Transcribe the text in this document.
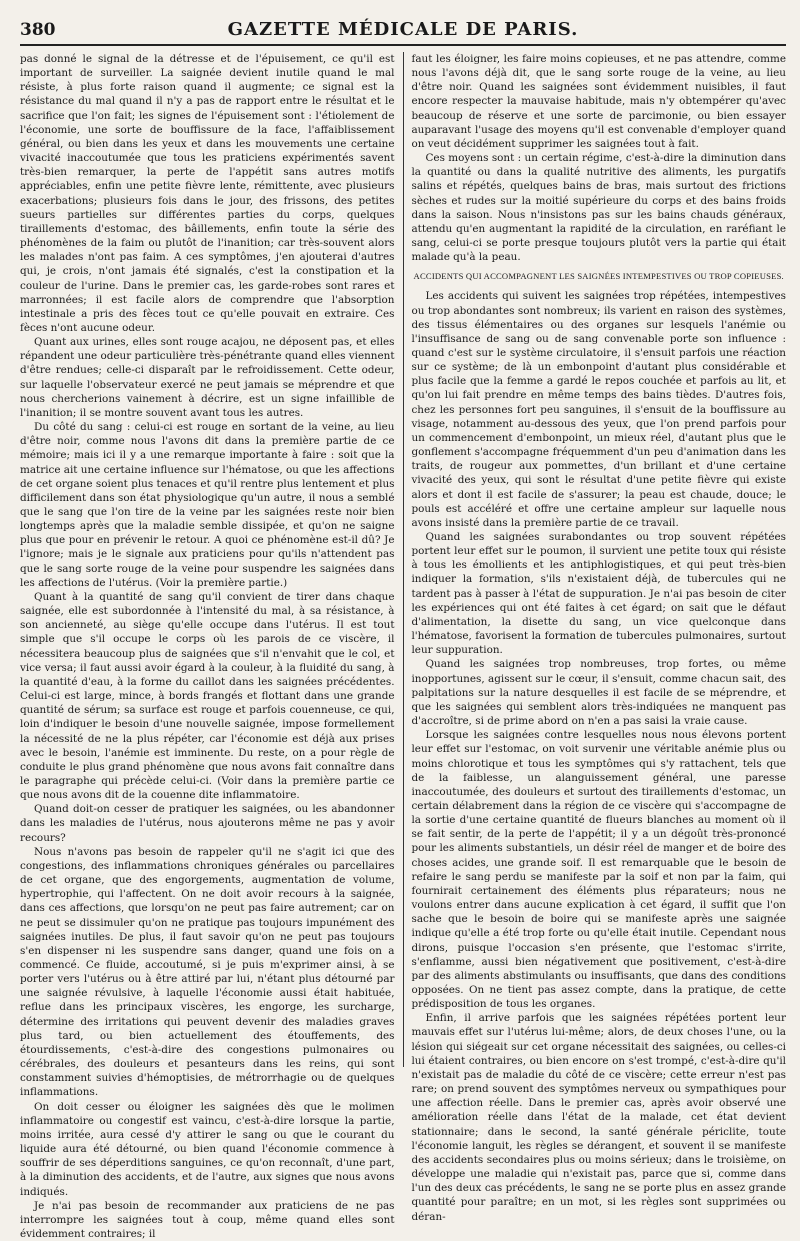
380	GAZETTE MÉDICALE DE PARIS.

pas donné le signal de la détresse et de l'épuisement, ce qu'il est important de surveiller. La saignée devient inutile quand le mal résiste, à plus forte raison quand il augmente; ce signal est la résistance du mal quand il n'y a pas de rapport entre le résultat et le sacrifice que l'on fait; les signes de l'épuisement sont : l'étiolement de l'économie, une sorte de bouffissure de la face, l'affaiblissement général, ou bien dans les yeux et dans les mouvements une certaine vivacité inaccoutumée que tous les praticiens expérimentés savent très-bien remarquer, la perte de l'appétit sans autres motifs appréciables, enfin une petite fièvre lente, rémittente, avec plusieurs exacerbations; plusieurs fois dans le jour, des frissons, des petites sueurs partielles sur différentes parties du corps, quelques tiraillements d'estomac, des bâillements, enfin toute la série des phénomènes de la faim ou plutôt de l'inanition; car très-souvent alors les malades n'ont pas faim. A ces symptômes, j'en ajouterai d'autres qui, je crois, n'ont jamais été signalés, c'est la constipation et la couleur de l'urine. Dans le premier cas, les garde-robes sont rares et marronnées; il est facile alors de comprendre que l'absorption intestinale a pris des fèces tout ce qu'elle pouvait en extraire. Ces fèces n'ont aucune odeur.

Quant aux urines, elles sont rouge acajou, ne déposent pas, et elles répandent une odeur particulière très-pénétrante quand elles viennent d'être rendues; celle-ci disparaît par le refroidissement. Cette odeur, sur laquelle l'observateur exercé ne peut jamais se méprendre et que nous chercherions vainement à décrire, est un signe infaillible de l'inanition; il se montre souvent avant tous les autres.

Du côté du sang : celui-ci est rouge en sortant de la veine, au lieu d'être noir, comme nous l'avons dit dans la première partie de ce mémoire; mais ici il y a une remarque importante à faire : soit que la matrice ait une certaine influence sur l'hématose, ou que les affections de cet organe soient plus tenaces et qu'il rentre plus lentement et plus difficilement dans son état physiologique qu'un autre, il nous a semblé que le sang que l'on tire de la veine par les saignées reste noir bien longtemps après que la maladie semble dissipée, et qu'on ne saigne plus que pour en prévenir le retour. A quoi ce phénomène est-il dû? Je l'ignore; mais je le signale aux praticiens pour qu'ils n'attendent pas que le sang sorte rouge de la veine pour suspendre les saignées dans les affections de l'utérus. (Voir la première partie.)

Quant à la quantité de sang qu'il convient de tirer dans chaque saignée, elle est subordonnée à l'intensité du mal, à sa résistance, à son ancienneté, au siège qu'elle occupe dans l'utérus. Il est tout simple que s'il occupe le corps où les parois de ce viscère, il nécessitera beaucoup plus de saignées que s'il n'envahit que le col, et vice versa; il faut aussi avoir égard à la couleur, à la fluidité du sang, à la quantité d'eau, à la forme du caillot dans les saignées précédentes. Celui-ci est large, mince, à bords frangés et flottant dans une grande quantité de sérum; sa surface est rouge et parfois couenneuse, ce qui, loin d'indiquer le besoin d'une nouvelle saignée, impose formellement la nécessité de ne la plus répéter, car l'économie est déjà aux prises avec le besoin, l'anémie est imminente. Du reste, on a pour règle de conduite le plus grand phénomène que nous avons fait connaître dans le paragraphe qui précède celui-ci. (Voir dans la première partie ce que nous avons dit de la couenne dite inflammatoire.

Quand doit-on cesser de pratiquer les saignées, ou les abandonner dans les maladies de l'utérus, nous ajouterons même ne pas y avoir recours?

Nous n'avons pas besoin de rappeler qu'il ne s'agit ici que des congestions, des inflammations chroniques générales ou parcellaires de cet organe, que des engorgements, augmentation de volume, hypertrophie, qui l'affectent. On ne doit avoir recours à la saignée, dans ces affections, que lorsqu'on ne peut pas faire autrement; car on ne peut se dissimuler qu'on ne pratique pas toujours impunément des saignées inutiles. De plus, il faut savoir qu'on ne peut pas toujours s'en dispenser ni les suspendre sans danger, quand une fois on a commencé. Ce fluide, accoutumé, si je puis m'exprimer ainsi, à se porter vers l'utérus ou à être attiré par lui, n'étant plus détourné par une saignée révulsive, à laquelle l'économie aussi était habituée, reflue dans les principaux viscères, les engorge, les surcharge, détermine des irritations qui peuvent devenir des maladies graves plus tard, ou bien actuellement des étouffements, des étourdissements, c'est-à-dire des congestions pulmonaires ou cérébrales, des douleurs et pesanteurs dans les reins, qui sont constamment suivies d'hémoptisies, de métrorrhagie ou de quelques inflammations.

On doit cesser ou éloigner les saignées dès que le molimen inflammatoire ou congestif est vaincu, c'est-à-dire lorsque la partie, moins irritée, aura cessé d'y attirer le sang ou que le courant du liquide aura été détourné, ou bien quand l'économie commence à souffrir de ses déperditions sanguines, ce qu'on reconnaît, d'une part, à la diminution des accidents, et de l'autre, aux signes que nous avons indiqués.

Je n'ai pas besoin de recommander aux praticiens de ne pas interrompre les saignées tout à coup, même quand elles sont évidemment contraires; il

faut les éloigner, les faire moins copieuses, et ne pas attendre, comme nous l'avons déjà dit, que le sang sorte rouge de la veine, au lieu d'être noir. Quand les saignées sont évidemment nuisibles, il faut encore respecter la mauvaise habitude, mais n'y obtempérer qu'avec beaucoup de réserve et une sorte de parcimonie, ou bien essayer auparavant l'usage des moyens qu'il est convenable d'employer quand on veut décidément supprimer les saignées tout à fait.

Ces moyens sont : un certain régime, c'est-à-dire la diminution dans la quantité ou dans la qualité nutritive des aliments, les purgatifs salins et répétés, quelques bains de bras, mais surtout des frictions sèches et rudes sur la moitié supérieure du corps et des bains froids dans la saison. Nous n'insistons pas sur les bains chauds généraux, attendu qu'en augmentant la rapidité de la circulation, en raréfiant le sang, celui-ci se porte presque toujours plutôt vers la partie qui était malade qu'à la peau.

ACCIDENTS QUI ACCOMPAGNENT LES SAIGNÉES INTEMPESTIVES OU TROP COPIEUSES.

Les accidents qui suivent les saignées trop répétées, intempestives ou trop abondantes sont nombreux; ils varient en raison des systèmes, des tissus élémentaires ou des organes sur lesquels l'anémie ou l'insuffisance de sang ou de sang convenable porte son influence : quand c'est sur le système circulatoire, il s'ensuit parfois une réaction sur ce système; de là un embonpoint d'autant plus considérable et plus facile que la femme a gardé le repos couchée et parfois au lit, et qu'on lui fait prendre en même temps des bains tièdes. D'autres fois, chez les personnes fort peu sanguines, il s'ensuit de la bouffissure au visage, notamment au-dessous des yeux, que l'on prend parfois pour un commencement d'embonpoint, un mieux réel, d'autant plus que le gonflement s'accompagne fréquemment d'un peu d'animation dans les traits, de rougeur aux pommettes, d'un brillant et d'une certaine vivacité des yeux, qui sont le résultat d'une petite fièvre qui existe alors et dont il est facile de s'assurer; la peau est chaude, douce; le pouls est accéléré et offre une certaine ampleur sur laquelle nous avons insisté dans la première partie de ce travail.

Quand les saignées surabondantes ou trop souvent répétées portent leur effet sur le poumon, il survient une petite toux qui résiste à tous les émollients et les antiphlogistiques, et qui peut très-bien indiquer la formation, s'ils n'existaient déjà, de tubercules qui ne tardent pas à passer à l'état de suppuration. Je n'ai pas besoin de citer les expériences qui ont été faites à cet égard; on sait que le défaut d'alimentation, la disette du sang, un vice quelconque dans l'hématose, favorisent la formation de tubercules pulmonaires, surtout leur suppuration.

Quand les saignées trop nombreuses, trop fortes, ou même inopportunes, agissent sur le cœur, il s'ensuit, comme chacun sait, des palpitations sur la nature desquelles il est facile de se méprendre, et que les saignées qui semblent alors très-indiquées ne manquent pas d'accroître, si de prime abord on n'en a pas saisi la vraie cause.

Lorsque les saignées contre lesquelles nous nous élevons portent leur effet sur l'estomac, on voit survenir une véritable anémie plus ou moins chlorotique et tous les symptômes qui s'y rattachent, tels que de la faiblesse, un alanguissement général, une paresse inaccoutumée, des douleurs et surtout des tiraillements d'estomac, un certain délabrement dans la région de ce viscère qui s'accompagne de la sortie d'une certaine quantité de flueurs blanches au moment où il se fait sentir, de la perte de l'appétit; il y a un dégoût très-prononcé pour les aliments substantiels, un désir réel de manger et de boire des choses acides, une grande soif. Il est remarquable que le besoin de refaire le sang perdu se manifeste par la soif et non par la faim, qui fournirait certainement des éléments plus réparateurs; nous ne voulons entrer dans aucune explication à cet égard, il suffit que l'on sache que le besoin de boire qui se manifeste après une saignée indique qu'elle a été trop forte ou qu'elle était inutile. Cependant nous dirons, puisque l'occasion s'en présente, que l'estomac s'irrite, s'enflamme, aussi bien négativement que positivement, c'est-à-dire par des aliments abstimulants ou insuffisants, que dans des conditions opposées. On ne tient pas assez compte, dans la pratique, de cette prédisposition de tous les organes.

Enfin, il arrive parfois que les saignées répétées portent leur mauvais effet sur l'utérus lui-même; alors, de deux choses l'une, ou la lésion qui siégeait sur cet organe nécessitait des saignées, ou celles-ci lui étaient contraires, ou bien encore on s'est trompé, c'est-à-dire qu'il n'existait pas de maladie du côté de ce viscère; cette erreur n'est pas rare; on prend souvent des symptômes nerveux ou sympathiques pour une affection réelle. Dans le premier cas, après avoir observé une amélioration réelle dans l'état de la malade, cet état devient stationnaire; dans le second, la santé générale périclite, toute l'économie languit, les règles se dérangent, et souvent il se manifeste des accidents secondaires plus ou moins sérieux; dans le troisième, on développe une maladie qui n'existait pas, parce que si, comme dans l'un des deux cas précédents, le sang ne se porte plus en assez grande quantité pour paraître; en un mot, si les règles sont supprimées ou déran-
